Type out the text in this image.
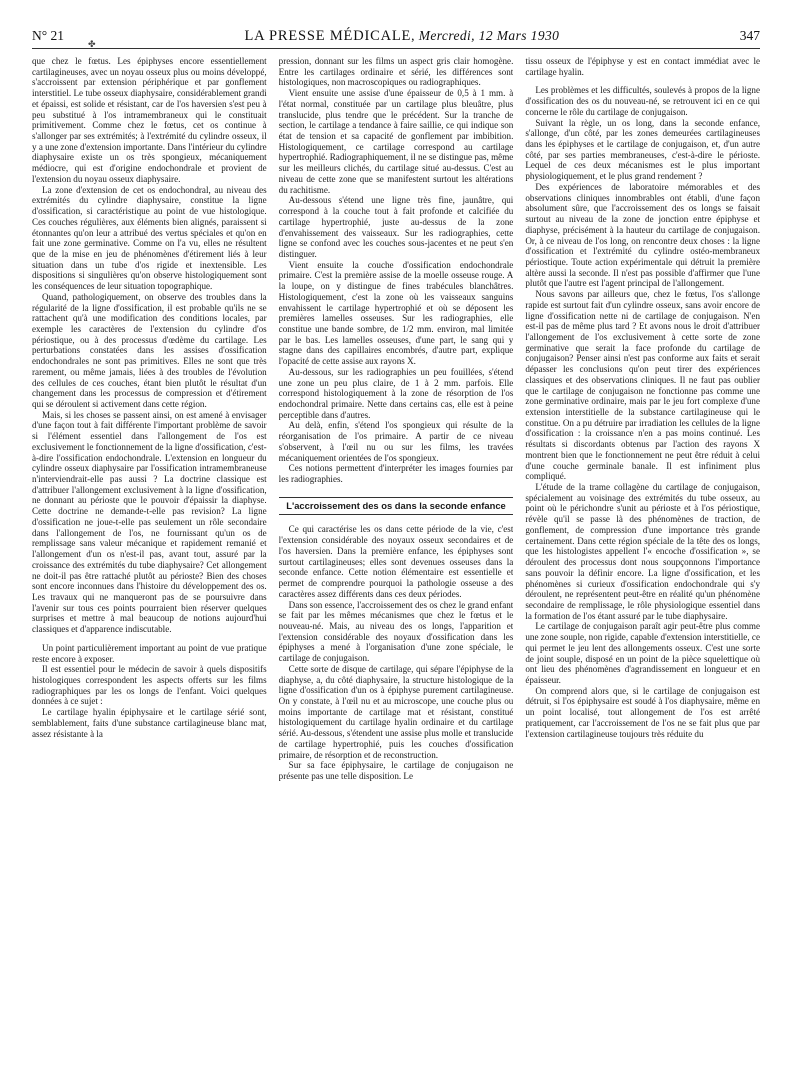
N° 21	LA PRESSE MÉDICALE, Mercredi, 12 Mars 1930	347
✤

que chez le fœtus. Les épiphyses encore essentiellement cartilagineuses, avec un noyau osseux plus ou moins développé, s'accroissent par extension périphérique et par gonflement interstitiel. Le tube osseux diaphysaire, considérablement grandi et épaissi, est solide et résistant, car de l'os haversien s'est peu à peu substitué à l'os intramembraneux qui le constituait primitivement. Comme chez le fœtus, cet os continue à s'allonger par ses extrémités; à l'extrémité du cylindre osseux, il y a une zone d'extension importante. Dans l'intérieur du cylindre diaphysaire existe un os très spongieux, mécaniquement médiocre, qui est d'origine endochondrale et provient de l'extension du noyau osseux diaphysaire.

La zone d'extension de cet os endochondral, au niveau des extrémités du cylindre diaphysaire, constitue la ligne d'ossification, si caractéristique au point de vue histologique. Ces couches régulières, aux éléments bien alignés, paraissent si étonnantes qu'on leur a attribué des vertus spéciales et qu'on en fait une zone germinative. Comme on l'a vu, elles ne résultent que de la mise en jeu de phénomènes d'étirement liés à leur situation dans un tube d'os rigide et inextensible. Les dispositions si singulières qu'on observe histologiquement sont les conséquences de leur situation topographique.

Quand, pathologiquement, on observe des troubles dans la régularité de la ligne d'ossification, il est probable qu'ils ne se rattachent qu'à une modification des conditions locales, par exemple les caractères de l'extension du cylindre d'os périostique, ou à des processus d'œdème du cartilage. Les perturbations constatées dans les assises d'ossification endochondrales ne sont pas primitives. Elles ne sont que très rarement, ou même jamais, liées à des troubles de l'évolution des cellules de ces couches, étant bien plutôt le résultat d'un changement dans les processus de compression et d'étirement qui se déroulent si activement dans cette région.

Mais, si les choses se passent ainsi, on est amené à envisager d'une façon tout à fait différente l'important problème de savoir si l'élément essentiel dans l'allongement de l'os est exclusivement le fonctionnement de la ligne d'ossification, c'est-à-dire l'ossification endochondrale. L'extension en longueur du cylindre osseux diaphysaire par l'ossification intramembraneuse n'interviendrait-elle pas aussi ? La doctrine classique est d'attribuer l'allongement exclusivement à la ligne d'ossification, ne donnant au périoste que le pouvoir d'épaissir la diaphyse. Cette doctrine ne demande-t-elle pas revision? La ligne d'ossification ne joue-t-elle pas seulement un rôle secondaire dans l'allongement de l'os, ne fournissant qu'un os de remplissage sans valeur mécanique et rapidement remanié et l'allongement d'un os n'est-il pas, avant tout, assuré par la croissance des extrémités du tube diaphysaire? Cet allongement ne doit-il pas être rattaché plutôt au périoste? Bien des choses sont encore inconnues dans l'histoire du développement des os. Les travaux qui ne manqueront pas de se poursuivre dans l'avenir sur tous ces points pourraient bien réserver quelques surprises et mettre à mal beaucoup de notions aujourd'hui classiques et d'apparence indiscutable.

Un point particulièrement important au point de vue pratique reste encore à exposer.

Il est essentiel pour le médecin de savoir à quels dispositifs histologiques correspondent les aspects offerts sur les films radiographiques par les os longs de l'enfant. Voici quelques données à ce sujet :

Le cartilage hyalin épiphysaire et le cartilage sérié sont, semblablement, faits d'une substance cartilagineuse blanc mat, assez résistante à la

pression, donnant sur les films un aspect gris clair homogène. Entre les cartilages ordinaire et sérié, les différences sont histologiques, non macroscopiques ou radiographiques.

Vient ensuite une assise d'une épaisseur de 0,5 à 1 mm. à l'état normal, constituée par un cartilage plus bleuâtre, plus translucide, plus tendre que le précédent. Sur la tranche de section, le cartilage a tendance à faire saillie, ce qui indique son état de tension et sa capacité de gonflement par imbibition. Histologiquement, ce cartilage correspond au cartilage hypertrophié. Radiographiquement, il ne se distingue pas, même sur les meilleurs clichés, du cartilage situé au-dessus. C'est au niveau de cette zone que se manifestent surtout les altérations du rachitisme.

Au-dessous s'étend une ligne très fine, jaunâtre, qui correspond à la couche tout à fait profonde et calcifiée du cartilage hypertrophié, juste au-dessus de la zone d'envahissement des vaisseaux. Sur les radiographies, cette ligne se confond avec les couches sous-jacentes et ne peut s'en distinguer.

Vient ensuite la couche d'ossification endochondrale primaire. C'est la première assise de la moelle osseuse rouge. A la loupe, on y distingue de fines trabécules blanchâtres. Histologiquement, c'est la zone où les vaisseaux sanguins envahissent le cartilage hypertrophié et où se déposent les premières lamelles osseuses. Sur les radiographies, elle constitue une bande sombre, de 1/2 mm. environ, mal limitée par le bas. Les lamelles osseuses, d'une part, le sang qui y stagne dans des capillaires encombrés, d'autre part, explique l'opacité de cette assise aux rayons X.

Au-dessous, sur les radiographies un peu fouillées, s'étend une zone un peu plus claire, de 1 à 2 mm. parfois. Elle correspond histologiquement à la zone de résorption de l'os endochondral primaire. Nette dans certains cas, elle est à peine perceptible dans d'autres.

Au delà, enfin, s'étend l'os spongieux qui résulte de la réorganisation de l'os primaire. A partir de ce niveau s'observent, à l'œil nu ou sur les films, les travées mécaniquement orientées de l'os spongieux.

Ces notions permettent d'interpréter les images fournies par les radiographies.

L'accroissement des os dans la seconde enfance

Ce qui caractérise les os dans cette période de la vie, c'est l'extension considérable des noyaux osseux secondaires et de l'os haversien. Dans la première enfance, les épiphyses sont surtout cartilagineuses; elles sont devenues osseuses dans la seconde enfance. Cette notion élémentaire est essentielle et permet de comprendre pourquoi la pathologie osseuse a des caractères assez différents dans ces deux périodes.

Dans son essence, l'accroissement des os chez le grand enfant se fait par les mêmes mécanismes que chez le fœtus et le nouveau-né. Mais, au niveau des os longs, l'apparition et l'extension considérable des noyaux d'ossification dans les épiphyses a mené à l'organisation d'une zone spéciale, le cartilage de conjugaison.

Cette sorte de disque de cartilage, qui sépare l'épiphyse de la diaphyse, a, du côté diaphysaire, la structure histologique de la ligne d'ossification d'un os à épiphyse purement cartilagineuse. On y constate, à l'œil nu et au microscope, une couche plus ou moins importante de cartilage mat et résistant, constitué histologiquement du cartilage hyalin ordinaire et du cartilage sérié. Au-dessous, s'étendent une assise plus molle et translucide de cartilage hypertrophié, puis les couches d'ossification primaire, de résorption et de reconstruction.

Sur sa face épiphysaire, le cartilage de conjugaison ne présente pas une telle disposition. Le

tissu osseux de l'épiphyse y est en contact immédiat avec le cartilage hyalin.

Les problèmes et les difficultés, soulevés à propos de la ligne d'ossification des os du nouveau-né, se retrouvent ici en ce qui concerne le rôle du cartilage de conjugaison.

Suivant la règle, un os long, dans la seconde enfance, s'allonge, d'un côté, par les zones demeurées cartilagineuses dans les épiphyses et le cartilage de conjugaison, et, d'un autre côté, par ses parties membraneuses, c'est-à-dire le périoste. Lequel de ces deux mécanismes est le plus important physiologiquement, et le plus grand rendement ?

Des expériences de laboratoire mémorables et des observations cliniques innombrables ont établi, d'une façon absolument sûre, que l'accroissement des os longs se faisait surtout au niveau de la zone de jonction entre épiphyse et diaphyse, précisément à la hauteur du cartilage de conjugaison. Or, à ce niveau de l'os long, on rencontre deux choses : la ligne d'ossification et l'extrémité du cylindre ostéo-membraneux périostique. Toute action expérimentale qui détruit la première altère aussi la seconde. Il n'est pas possible d'affirmer que l'une plutôt que l'autre est l'agent principal de l'allongement.

Nous savons par ailleurs que, chez le fœtus, l'os s'allonge rapide est surtout fait d'un cylindre osseux, sans avoir encore de ligne d'ossification nette ni de cartilage de conjugaison. N'en est-il pas de même plus tard ? Et avons nous le droit d'attribuer l'allongement de l'os exclusivement à cette sorte de zone germinative que serait la face profonde du cartilage de conjugaison? Penser ainsi n'est pas conforme aux faits et serait dépasser les conclusions qu'on peut tirer des expériences classiques et des observations cliniques. Il ne faut pas oublier que le cartilage de conjugaison ne fonctionne pas comme une zone germinative ordinaire, mais par le jeu fort complexe d'une extension interstitielle de la substance cartilagineuse qui le constitue. On a pu détruire par irradiation les cellules de la ligne d'ossification : la croissance n'en a pas moins continué. Les résultats si discordants obtenus par l'action des rayons X montrent bien que le fonctionnement ne peut être réduit à celui d'une couche germinale banale. Il est infiniment plus compliqué.

L'étude de la trame collagène du cartilage de conjugaison, spécialement au voisinage des extrémités du tube osseux, au point où le périchondre s'unit au périoste et à l'os périostique, révèle qu'il se passe là des phénomènes de traction, de gonflement, de compression d'une importance très grande certainement. Dans cette région spéciale de la tête des os longs, que les histologistes appellent l'« encoche d'ossification », se déroulent des processus dont nous soupçonnons l'importance sans pouvoir la définir encore. La ligne d'ossification, et les phénomènes si curieux d'ossification endochondrale qui s'y déroulent, ne représentent peut-être en réalité qu'un phénomène secondaire de remplissage, le rôle physiologique essentiel dans la formation de l'os étant assuré par le tube diaphysaire.

Le cartilage de conjugaison paraît agir peut-être plus comme une zone souple, non rigide, capable d'extension interstitielle, ce qui permet le jeu lent des allongements osseux. C'est une sorte de joint souple, disposé en un point de la pièce squelettique où ont lieu des phénomènes d'agrandissement en longueur et en épaisseur.

On comprend alors que, si le cartilage de conjugaison est détruit, si l'os épiphysaire est soudé à l'os diaphysaire, même en un point localisé, tout allongement de l'os est arrêté pratiquement, car l'accroissement de l'os ne se fait plus que par l'extension cartilagineuse toujours très réduite du
